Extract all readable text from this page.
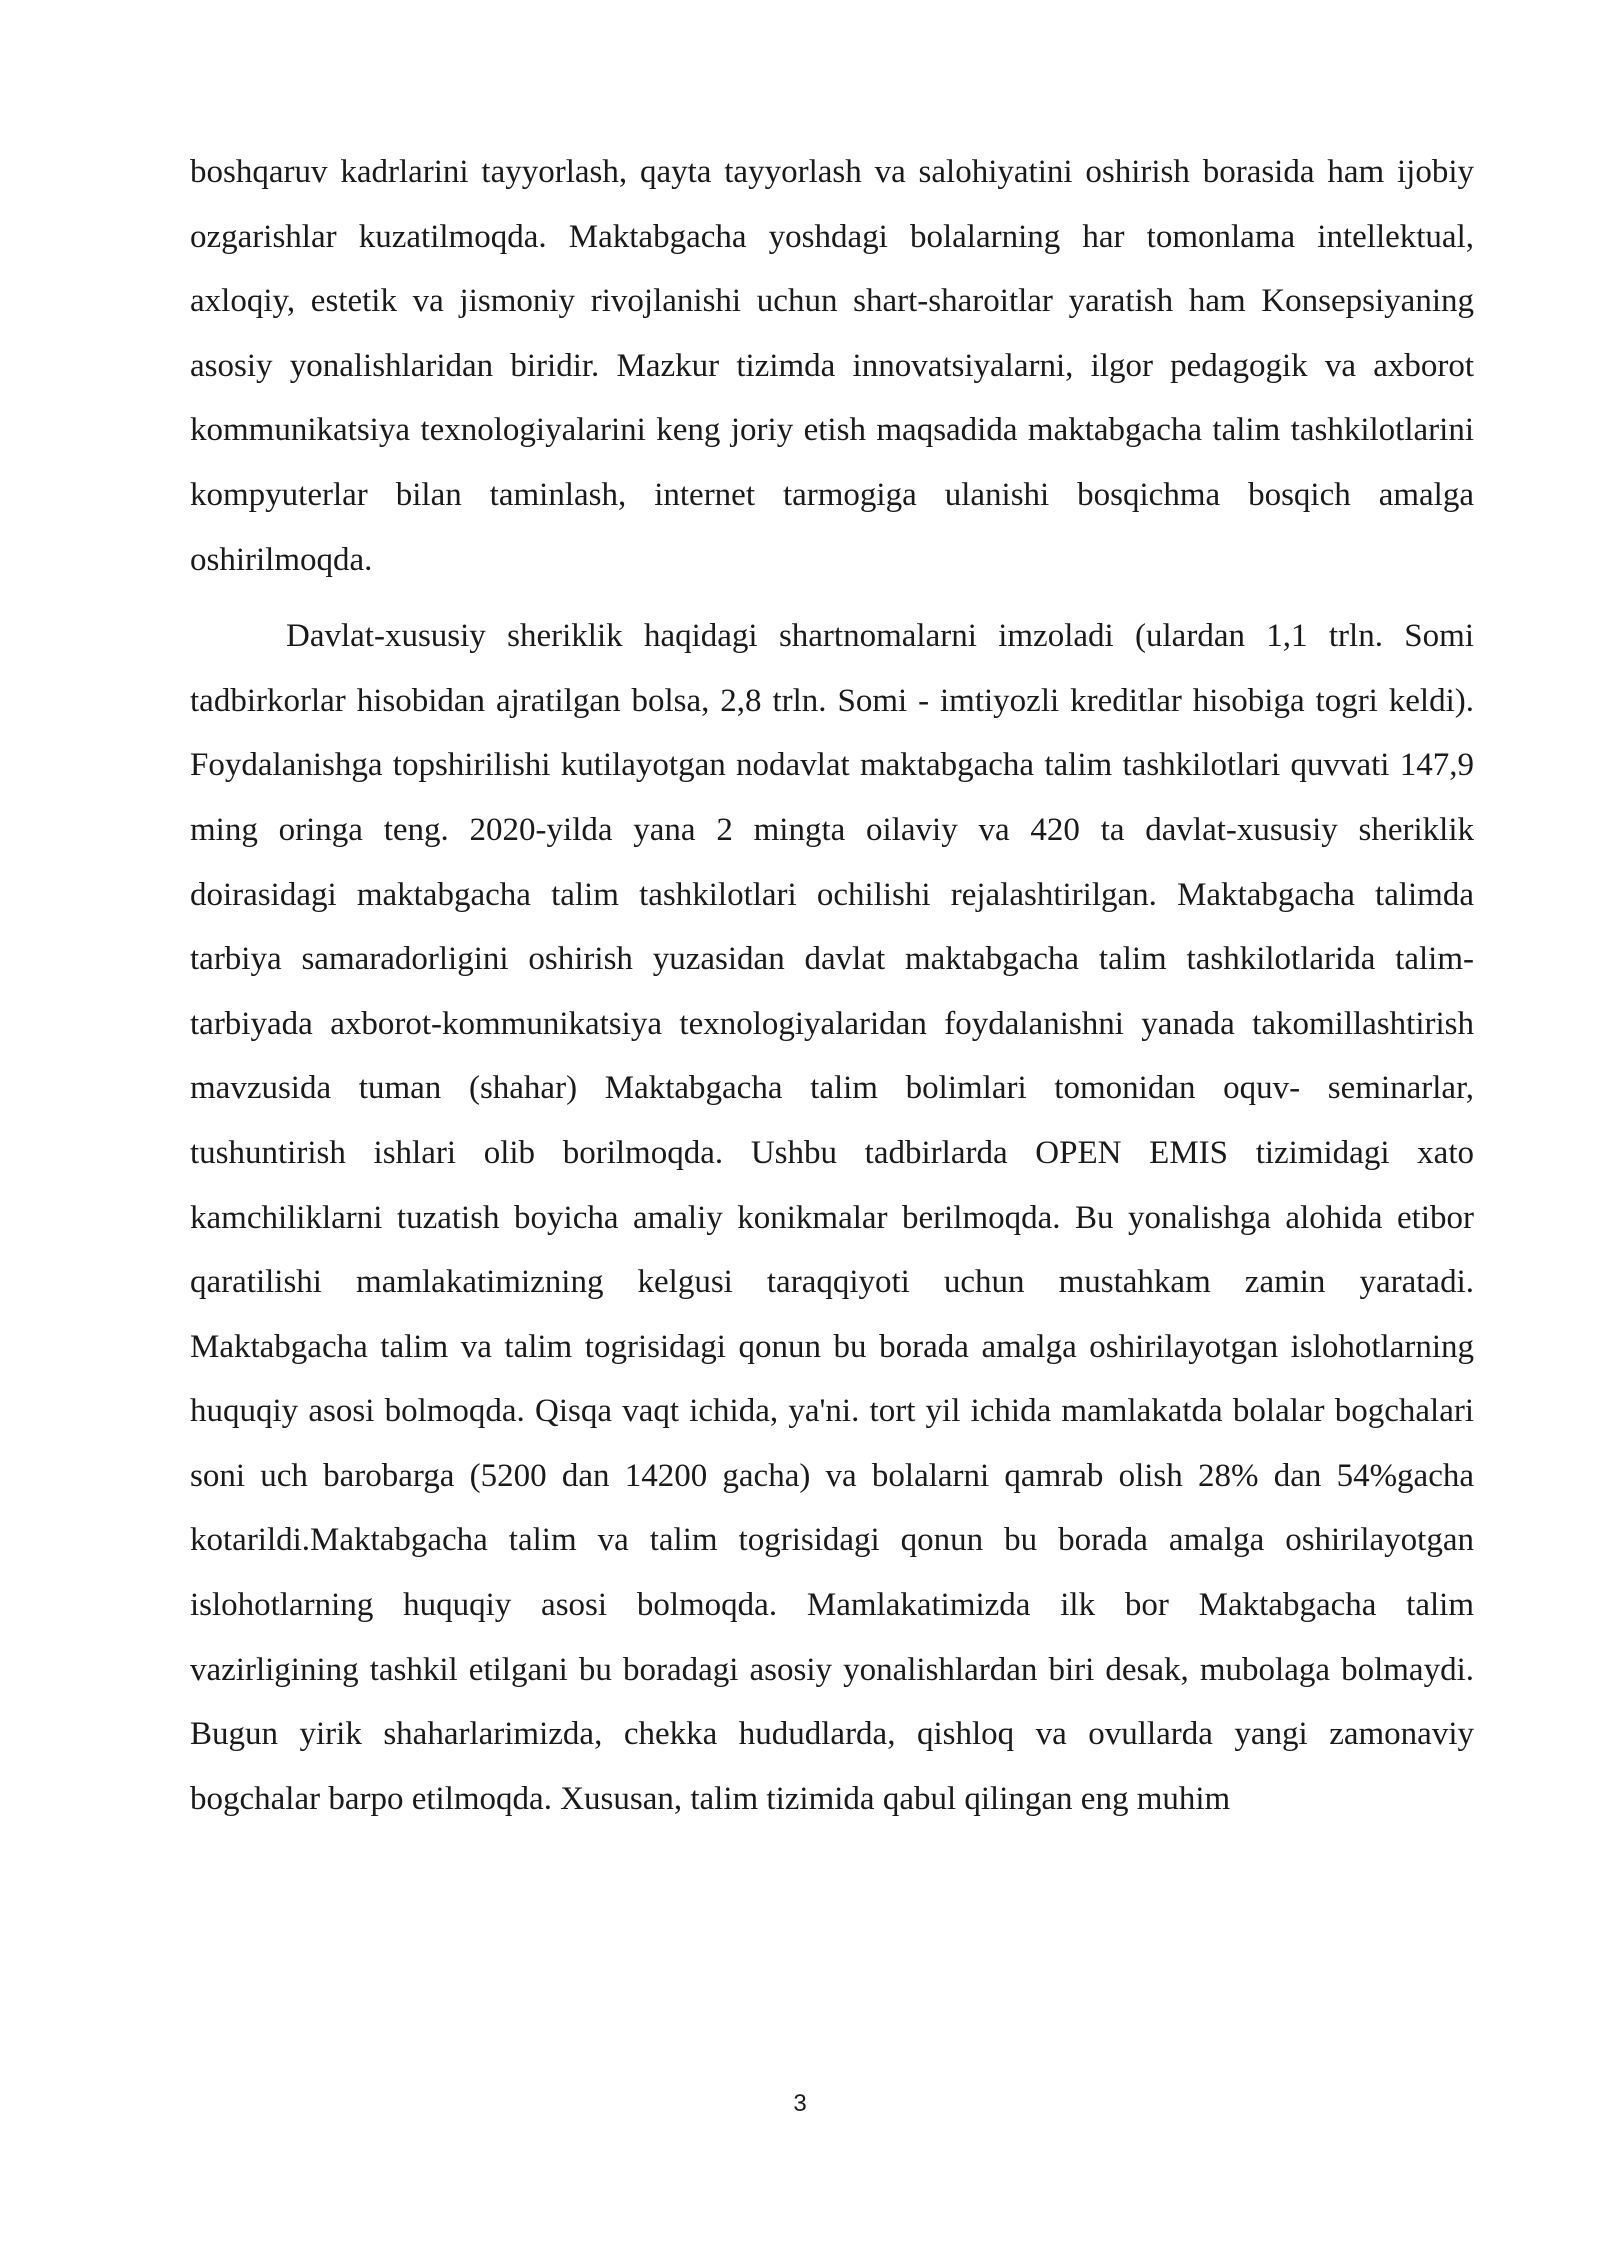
boshqaruv kadrlarini tayyorlash, qayta tayyorlash va salohiyatini oshirish borasida ham ijobiy ozgarishlar kuzatilmoqda. Maktabgacha yoshdagi bolalarning har tomonlama intellektual, axloqiy, estetik va jismoniy rivojlanishi uchun shart-sharoitlar yaratish ham Konsepsiyaning asosiy yonalishlaridan biridir. Mazkur tizimda innovatsiyalarni, ilgor pedagogik va axborot kommunikatsiya texnologiyalarini keng joriy etish maqsadida maktabgacha talim tashkilotlarini kompyuterlar bilan taminlash, internet tarmogiga ulanishi bosqichma bosqich amalga oshirilmoqda.

Davlat-xususiy sheriklik haqidagi shartnomalarni imzoladi (ulardan 1,1 trln. Somi tadbirkorlar hisobidan ajratilgan bolsa, 2,8 trln. Somi - imtiyozli kreditlar hisobiga togri keldi). Foydalanishga topshirilishi kutilayotgan nodavlat maktabgacha talim tashkilotlari quvvati 147,9 ming oringa teng. 2020-yilda yana 2 mingta oilaviy va 420 ta davlat-xususiy sheriklik doirasidagi maktabgacha talim tashkilotlari ochilishi rejalashtirilgan. Maktabgacha talimda tarbiya samaradorligini oshirish yuzasidan davlat maktabgacha talim tashkilotlarida talim-tarbiyada axborot-kommunikatsiya texnologiyalaridan foydalanishni yanada takomillashtirish mavzusida tuman (shahar) Maktabgacha talim bolimlari tomonidan oquv- seminarlar, tushuntirish ishlari olib borilmoqda. Ushbu tadbirlarda OPEN EMIS tizimidagi xato kamchiliklarni tuzatish boyicha amaliy konikmalar berilmoqda. Bu yonalishga alohida etibor qaratilishi mamlakatimizning kelgusi taraqqiyoti uchun mustahkam zamin yaratadi. Maktabgacha talim va talim togrisidagi qonun bu borada amalga oshirilayotgan islohotlarning huquqiy asosi bolmoqda. Qisqa vaqt ichida, ya'ni. tort yil ichida mamlakatda bolalar bogchalari soni uch barobarga (5200 dan 14200 gacha) va bolalarni qamrab olish 28% dan 54%gacha kotarildi.Maktabgacha talim va talim togrisidagi qonun bu borada amalga oshirilayotgan islohotlarning huquqiy asosi bolmoqda. Mamlakatimizda ilk bor Maktabgacha talim vazirligining tashkil etilgani bu boradagi asosiy yonalishlardan biri desak, mubolaga bolmaydi. Bugun yirik shaharlarimizda, chekka hududlarda, qishloq va ovullarda yangi zamonaviy bogchalar barpo etilmoqda. Xususan, talim tizimida qabul qilingan eng muhim

3
